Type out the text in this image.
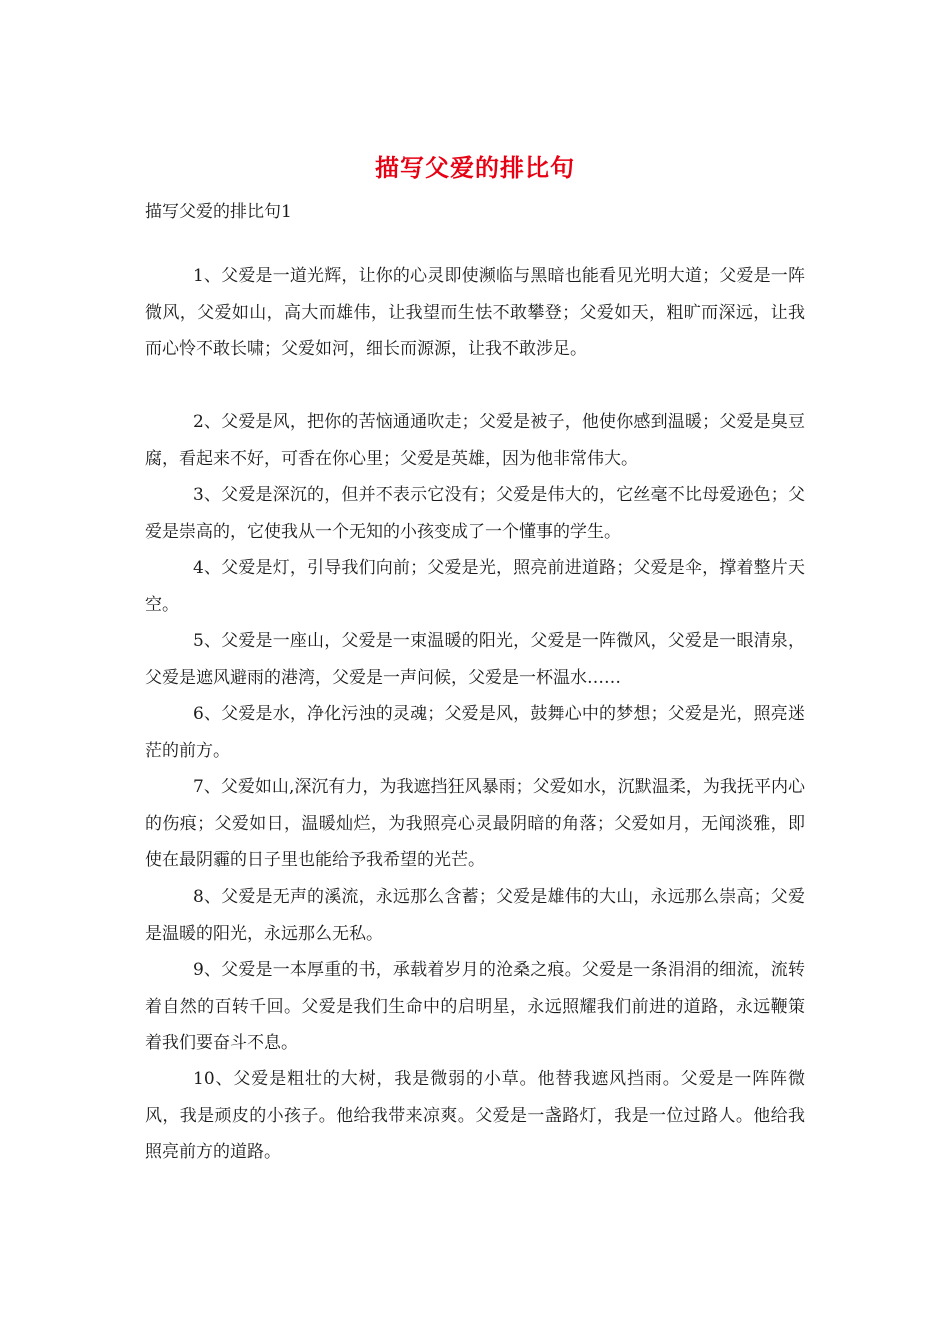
描写父爱的排比句

描写父爱的排比句1

1、父爱是一道光辉，让你的心灵即使濒临与黑暗也能看见光明大道；父爱是一阵微风，父爱如山，高大而雄伟，让我望而生怯不敢攀登；父爱如天，粗旷而深远，让我而心怜不敢长啸；父爱如河，细长而源源，让我不敢涉足。

2、父爱是风，把你的苦恼通通吹走；父爱是被子，他使你感到温暖；父爱是臭豆腐，看起来不好，可香在你心里；父爱是英雄，因为他非常伟大。

3、父爱是深沉的，但并不表示它没有；父爱是伟大的，它丝毫不比母爱逊色；父爱是崇高的，它使我从一个无知的小孩变成了一个懂事的学生。

4、父爱是灯，引导我们向前；父爱是光，照亮前进道路；父爱是伞，撑着整片天空。

5、父爱是一座山，父爱是一束温暖的阳光，父爱是一阵微风，父爱是一眼清泉，父爱是遮风避雨的港湾，父爱是一声问候，父爱是一杯温水……

6、父爱是水，净化污浊的灵魂；父爱是风，鼓舞心中的梦想；父爱是光，照亮迷茫的前方。

7、父爱如山,深沉有力，为我遮挡狂风暴雨；父爱如水，沉默温柔，为我抚平内心的伤痕；父爱如日，温暖灿烂，为我照亮心灵最阴暗的角落；父爱如月，无闻淡雅，即使在最阴霾的日子里也能给予我希望的光芒。

8、父爱是无声的溪流，永远那么含蓄；父爱是雄伟的大山，永远那么崇高；父爱是温暖的阳光，永远那么无私。

9、父爱是一本厚重的书，承载着岁月的沧桑之痕。父爱是一条涓涓的细流，流转着自然的百转千回。父爱是我们生命中的启明星，永远照耀我们前进的道路，永远鞭策着我们要奋斗不息。

10、父爱是粗壮的大树，我是微弱的小草。他替我遮风挡雨。父爱是一阵阵微风，我是顽皮的小孩子。他给我带来凉爽。父爱是一盏路灯，我是一位过路人。他给我照亮前方的道路。
